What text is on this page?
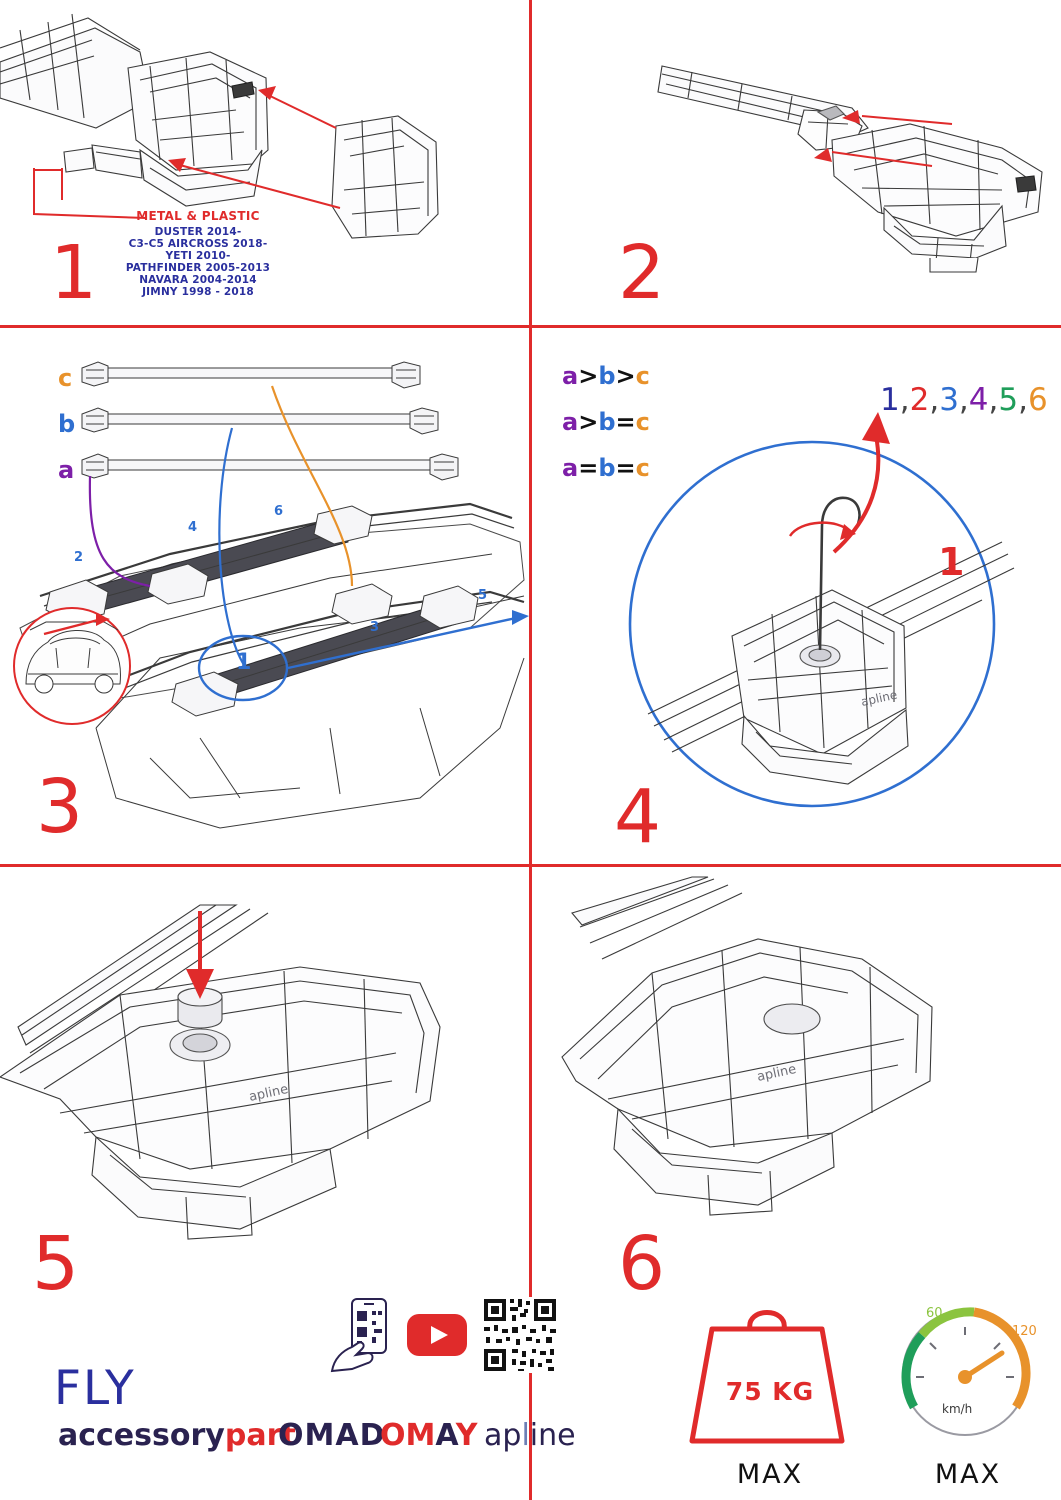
METAL & PLASTIC
DUSTER 2014-
C3-C5 AIRCROSS 2018-
YETI 2010-
PATHFINDER 2005-2013
NAVARA 2004-2014
JIMNY 1998 - 2018
1	2
c
b
a
a>b>c
a>b=c
a=b=c
2
4
6
3
5
1
3
apline
1,2,3,4,5,6
1
4
apline
5
FLY
accessorypart
OMAD
OMAY apline
apline
6
75 KG
MAX
60
120
km/h
MAX
